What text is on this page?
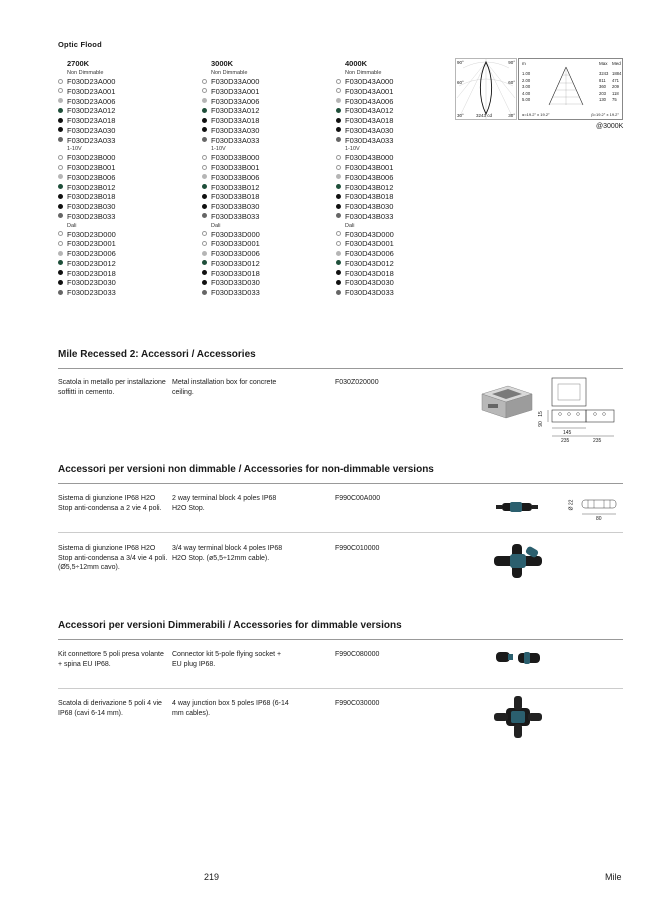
Optic Flood
2700K
Non Dimmable
F030D23A000
F030D23A001
F030D23A006
F030D23A012
F030D23A018
F030D23A030
F030D23A033
1-10V
F030D23B000
F030D23B001
F030D23B006
F030D23B012
F030D23B018
F030D23B030
F030D23B033
Dali
F030D23D000
F030D23D001
F030D23D006
F030D23D012
F030D23D018
F030D23D030
F030D23D033
3000K
Non Dimmable
F030D33A000
F030D33A001
F030D33A006
F030D33A012
F030D33A018
F030D33A030
F030D33A033
1-10V
F030D33B000
F030D33B001
F030D33B006
F030D33B012
F030D33B018
F030D33B030
F030D33B033
Dali
F030D33D000
F030D33D001
F030D33D006
F030D33D012
F030D33D018
F030D33D030
F030D33D033
4000K
Non Dimmable
F030D43A000
F030D43A001
F030D43A006
F030D43A012
F030D43A018
F030D43A030
F030D43A033
1-10V
F030D43B000
F030D43B001
F030D43B006
F030D43B012
F030D43B018
F030D43B030
F030D43B033
Dali
F030D43D000
F030D43D001
F030D43D006
F030D43D012
F030D43D018
F030D43D030
F030D43D033
90°	90°
60°	60°
30°	3243 cd	30°
m	Max Med
1.00	3243 1884
2.00	811 471
3.00	360 209
4.00	203 118
5.00	130 75
α=19.2° x 19.2°	β=19.2° x 19.2°
@3000K
Mile Recessed 2: Accessori / Accessories
Scatola in metallo per installazione soffitti in cemento.
Metal installation box for concrete ceiling.
F030Z020000
15
90
145
235	235
Accessori per versioni non dimmable / Accessories for non-dimmable versions
Sistema di giunzione IP68 H2O Stop anti-condensa a 2 vie 4 poli.
2 way terminal block 4 poles IP68 H2O Stop.
F990C00A000
Ø 22
80
Sistema di giunzione IP68 H2O Stop anti-condensa a 3/4 vie 4 poli. (Ø5,5÷12mm cavo).
3/4 way terminal block 4 poles IP68 H2O Stop. (ø5,5÷12mm cable).
F990C010000
Accessori per versioni Dimmerabili / Accessories for dimmable versions
Kit connettore 5 poli presa volante + spina EU IP68.
Connector kit 5-pole flying socket + EU plug IP68.
F990C080000
Scatola di derivazione 5 poli 4 vie IP68 (cavi 6-14 mm).
4 way junction box 5 poles IP68 (6-14 mm cables).
F990C030000
219	Mile
